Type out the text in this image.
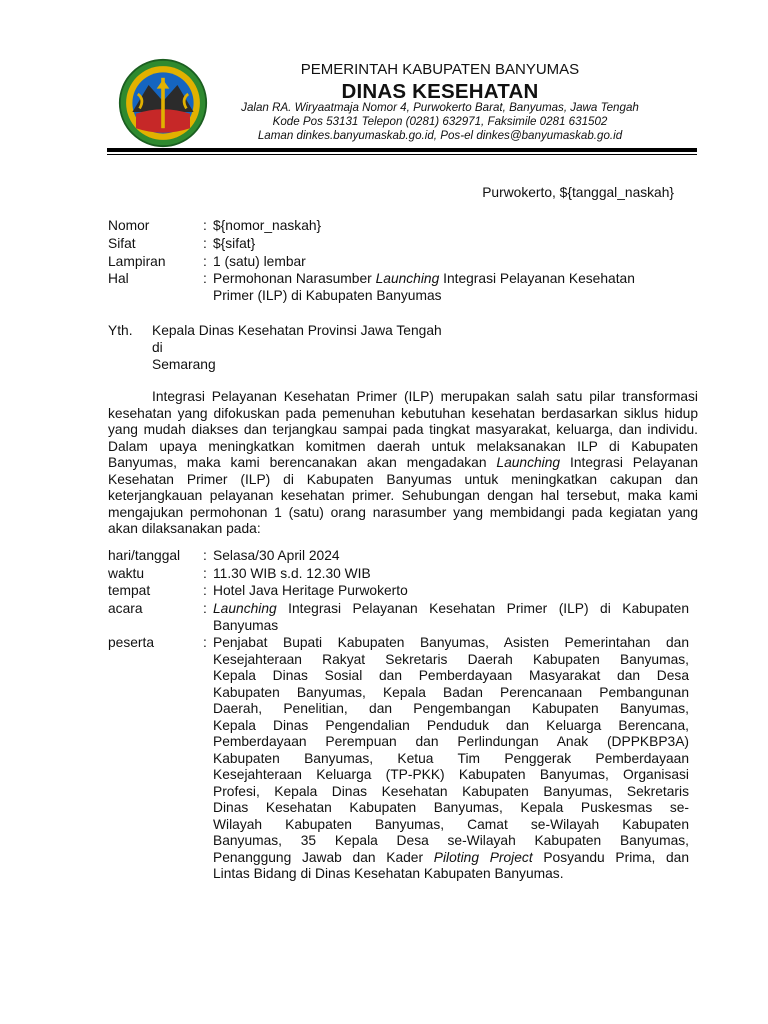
PEMERINTAH KABUPATEN BANYUMAS
DINAS KESEHATAN
Jalan RA. Wiryaatmaja Nomor 4, Purwokerto Barat, Banyumas, Jawa Tengah
Kode Pos 53131 Telepon (0281) 632971, Faksimile 0281 631502
Laman dinkes.banyumaskab.go.id, Pos-el dinkes@banyumaskab.go.id
Purwokerto, ${tanggal_naskah}
Nomor	: ${nomor_naskah}
Sifat	: ${sifat}
Lampiran	: 1 (satu) lembar
Hal	: Permohonan Narasumber Launching Integrasi Pelayanan Kesehatan
Primer (ILP) di Kabupaten Banyumas
Yth. Kepala Dinas Kesehatan Provinsi Jawa Tengah
di
Semarang

Integrasi Pelayanan Kesehatan Primer (ILP) merupakan salah satu pilar transformasi kesehatan yang difokuskan pada pemenuhan kebutuhan kesehatan berdasarkan siklus hidup yang mudah diakses dan terjangkau sampai pada tingkat masyarakat, keluarga, dan individu. Dalam upaya meningkatkan komitmen daerah untuk melaksanakan ILP di Kabupaten Banyumas, maka kami berencanakan akan mengadakan Launching Integrasi Pelayanan Kesehatan Primer (ILP) di Kabupaten Banyumas untuk meningkatkan cakupan dan keterjangkauan pelayanan kesehatan primer. Sehubungan dengan hal tersebut, maka kami mengajukan permohonan 1 (satu) orang narasumber yang membidangi pada kegiatan yang akan dilaksanakan pada:

hari/tanggal : Selasa/30 April 2024
waktu	: 11.30 WIB s.d. 12.30 WIB
tempat	: Hotel Java Heritage Purwokerto
acara	: Launching Integrasi Pelayanan Kesehatan Primer (ILP) di Kabupaten
Banyumas
peserta	: Penjabat Bupati Kabupaten Banyumas, Asisten Pemerintahan dan
Kesejahteraan Rakyat Sekretaris Daerah Kabupaten Banyumas,
Kepala Dinas Sosial dan Pemberdayaan Masyarakat dan Desa
Kabupaten Banyumas, Kepala Badan Perencanaan Pembangunan
Daerah, Penelitian, dan Pengembangan Kabupaten Banyumas,
Kepala Dinas Pengendalian Penduduk dan Keluarga Berencana,
Pemberdayaan Perempuan dan Perlindungan Anak (DPPKBP3A)
Kabupaten Banyumas, Ketua Tim Penggerak Pemberdayaan
Kesejahteraan Keluarga (TP-PKK) Kabupaten Banyumas, Organisasi
Profesi, Kepala Dinas Kesehatan Kabupaten Banyumas, Sekretaris
Dinas Kesehatan Kabupaten Banyumas, Kepala Puskesmas se-
Wilayah Kabupaten Banyumas, Camat se-Wilayah Kabupaten
Banyumas, 35 Kepala Desa se-Wilayah Kabupaten Banyumas,
Penanggung Jawab dan Kader Piloting Project Posyandu Prima, dan
Lintas Bidang di Dinas Kesehatan Kabupaten Banyumas.
